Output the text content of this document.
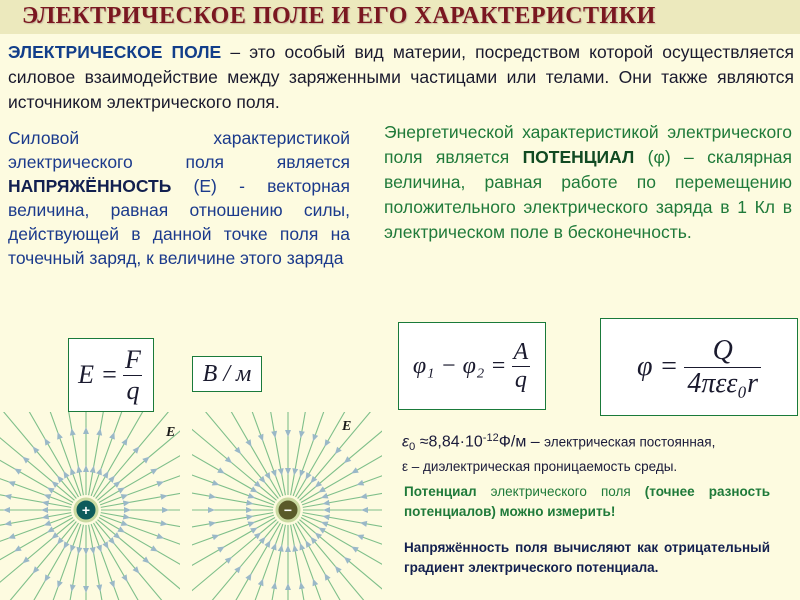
ЭЛЕКТРИЧЕСКОЕ ПОЛЕ И ЕГО ХАРАКТЕРИСТИКИ
ЭЛЕКТРИЧЕСКОЕ ПОЛЕ – это особый вид материи, посредством которой осуществляется силовое взаимодействие между заряженными частицами или телами. Они также являются источником электрического поля.
Силовой характеристикой электрического поля является НАПРЯЖЁННОСТЬ (Е) - векторная величина, равная отношению силы, действующей в данной точке поля на точечный заряд, к величине этого заряда
Энергетической характеристикой электрического поля является ПОТЕНЦИАЛ (φ) – скалярная величина, равная работе по перемещению положительного электрического заряда в 1 Кл в электрическом поле в бесконечность.
$E = \frac{F}{q}$ В / м	$\varphi_1 - \varphi_2 = \frac{A}{q}$	$\varphi = \frac{Q}{\text{4πεε₀r}}$
$\varepsilon_0 \approx 8,84\cdot 10^{-12}Ф/м$ – электрическая постоянная,
ε – диэлектрическая проницаемость среды.
Потенциал электрического поля (точнее разность потенциалов) можно измерить!
Напряжённость поля вычисляют как отрицательный градиент электрического потенциала.
+
E
−
E
